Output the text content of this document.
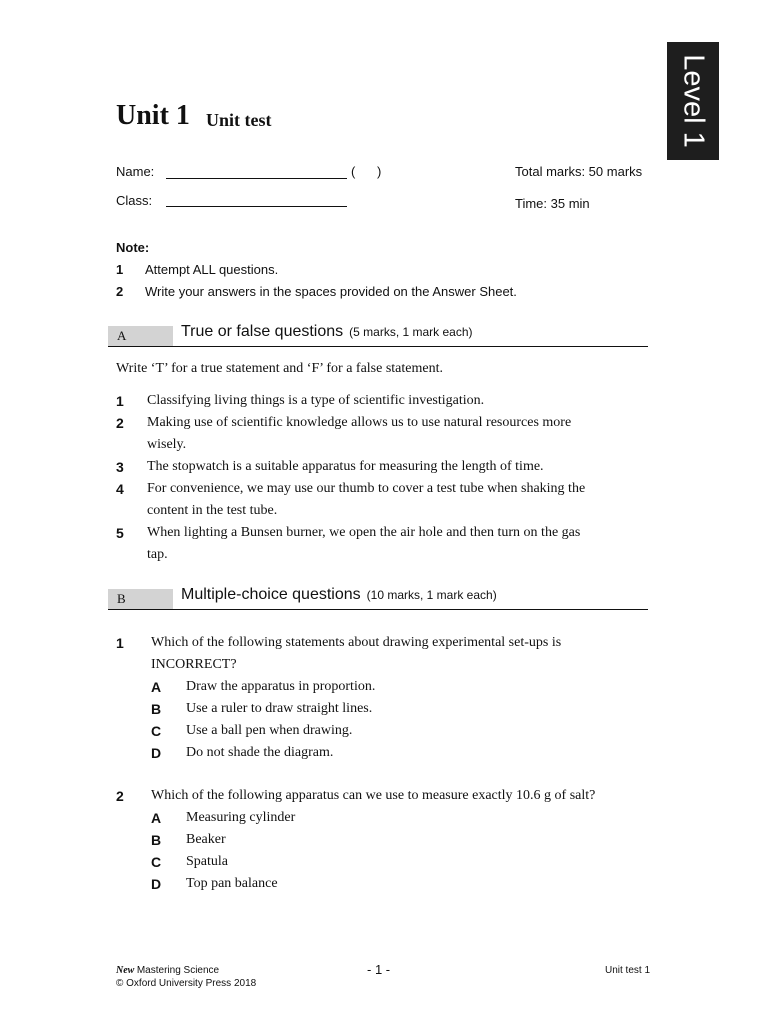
Level 1
Unit 1 Unit test
Name:	(      )
Class:
Total marks: 50 marks
Time: 35 min
Note:
1 Attempt ALL questions.
2 Write your answers in the spaces provided on the Answer Sheet.
A	True or false questions (5 marks, 1 mark each)
Write ‘T’ for a true statement and ‘F’ for a false statement.
1 Classifying living things is a type of scientific investigation.
2 Making use of scientific knowledge allows us to use natural resources more
wisely.
3 The stopwatch is a suitable apparatus for measuring the length of time.
4 For convenience, we may use our thumb to cover a test tube when shaking the
content in the test tube.
5 When lighting a Bunsen burner, we open the air hole and then turn on the gas
tap.
B	Multiple-choice questions (10 marks, 1 mark each)
1 Which of the following statements about drawing experimental set-ups is
INCORRECT?
A Draw the apparatus in proportion.
B Use a ruler to draw straight lines.
C Use a ball pen when drawing.
D Do not shade the diagram.
2 Which of the following apparatus can we use to measure exactly 10.6 g of salt?
A Measuring cylinder
B Beaker
C Spatula
D Top pan balance
New Mastering Science
© Oxford University Press 2018
- 1 -	Unit test 1
